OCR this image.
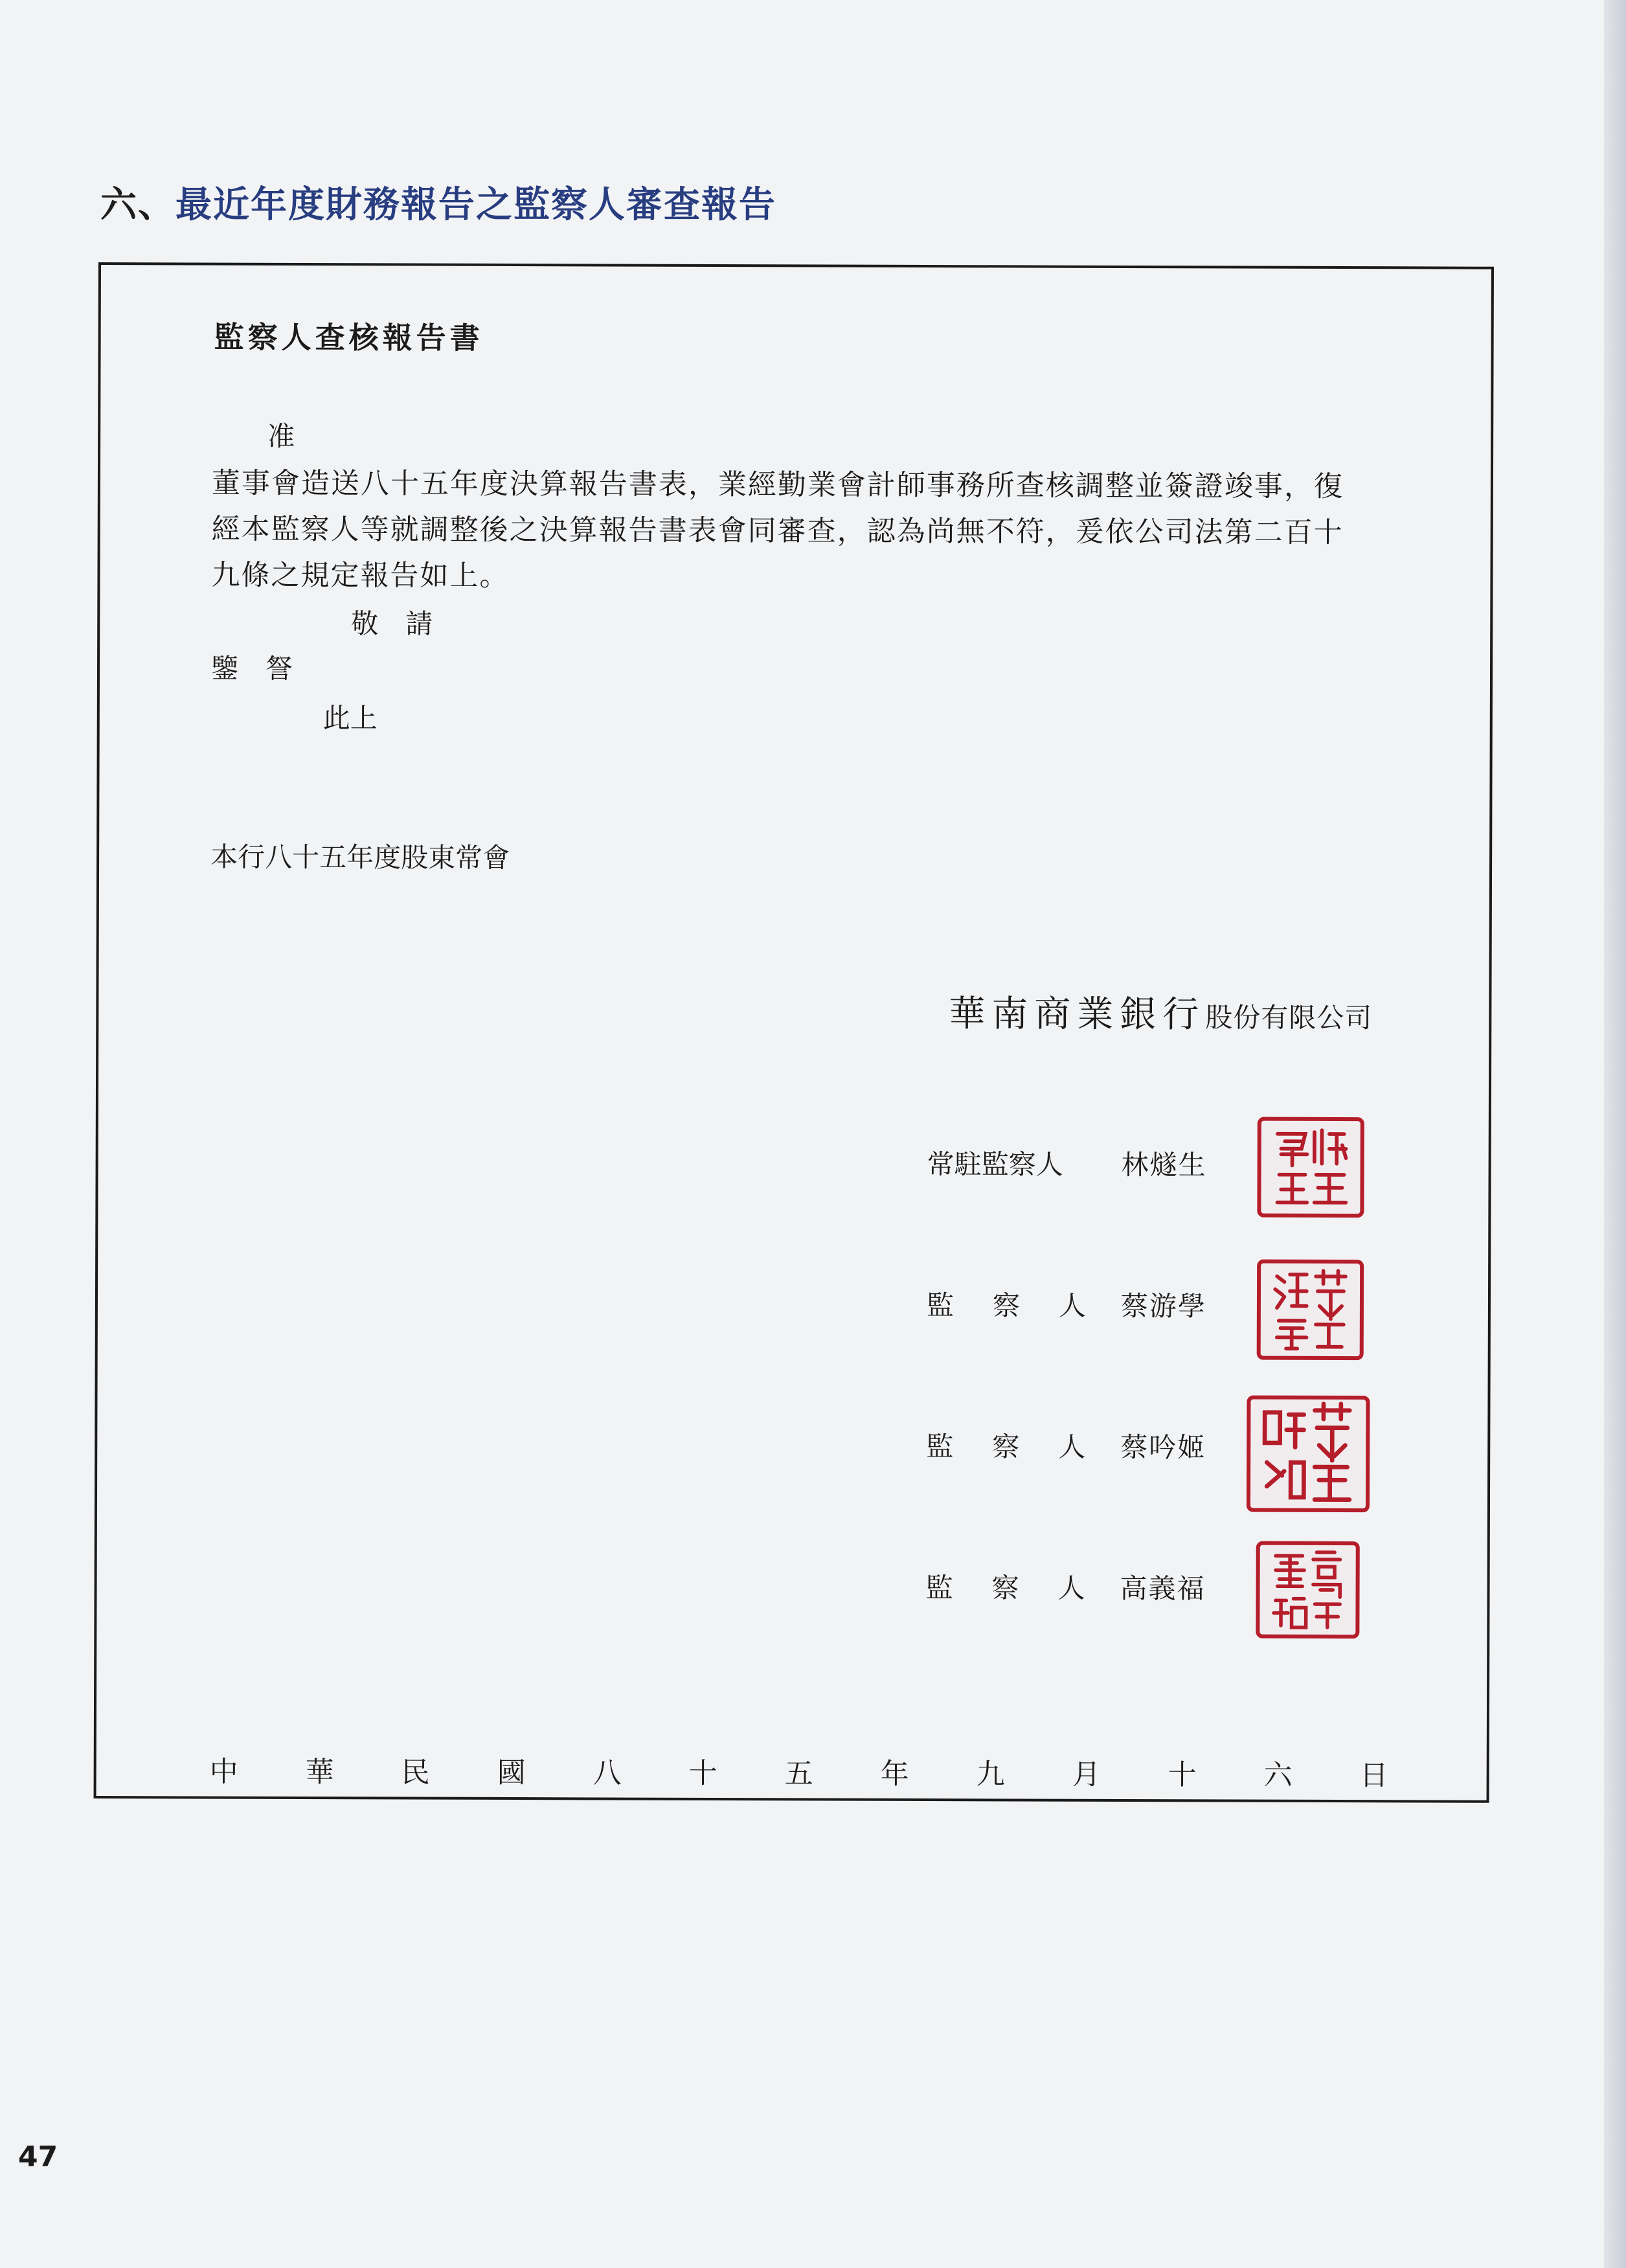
六、最近年度財務報告之監察人審查報告
監察人查核報告書
准
董事會造送八十五年度決算報告書表，業經勤業會計師事務所查核調整並簽證竣事，復
經本監察人等就調整後之決算報告書表會同審查，認為尚無不符，爰依公司法第二百十
九條之規定報告如上。
敬　請
鑒　詧
此上
本行八十五年度股東常會
華南商業銀行股份有限公司
常駐監察人 林燧生
監察人
蔡游學
監察人
蔡吟姬
監察人
高義福
中 華 民 國 八 十 五 年 九 月 十 六 日
47
